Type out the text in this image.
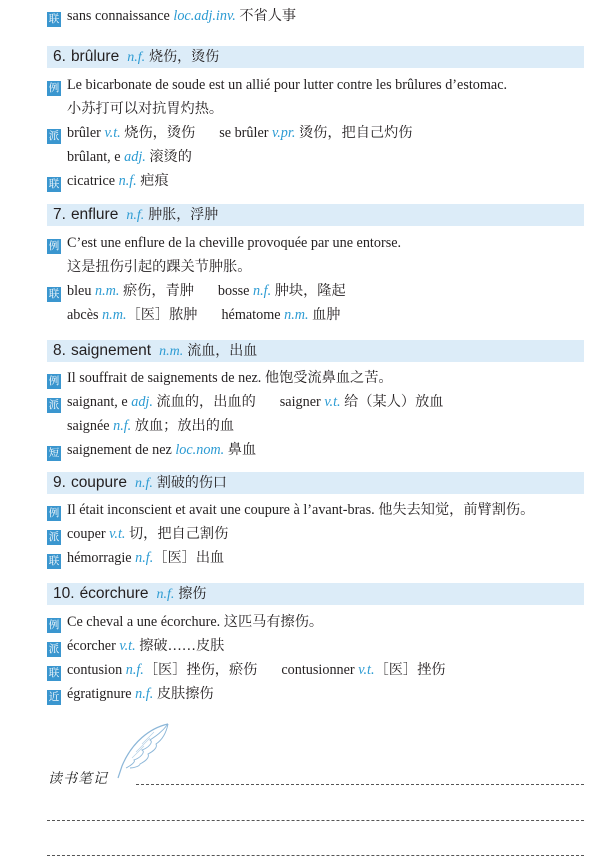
联 sans connaissance loc.adj.inv. 不省人事
6. brûlure n.f. 烧伤，烫伤
例 Le bicarbonate de soude est un allié pour lutter contre les brûlures d’estomac.
小苏打可以对抗胃灼热。
派 brûler v.t. 烧伤，烫伤 se brûler v.pr. 烫伤，把自己灼伤
brûlant, e adj. 滚烫的
联 cicatrice n.f. 疤痕
7. enflure n.f. 肿胀，浮肿
例 C’est une enflure de la cheville provoquée par une entorse.
这是扭伤引起的踝关节肿胀。
联 bleu n.m. 瘀伤，青肿 bosse n.f. 肿块，隆起
abcès n.m.［医］脓肿 hématome n.m. 血肿
8. saignement n.m. 流血，出血
例 Il souffrait de saignements de nez. 他饱受流鼻血之苦。
派 saignant, e adj. 流血的，出血的 saigner v.t. 给（某人）放血
saignée n.f. 放血；放出的血
短 saignement de nez loc.nom. 鼻血
9. coupure n.f. 割破的伤口
例 Il était inconscient et avait une coupure à l’avant-bras. 他失去知觉，前臂割伤。
派 couper v.t. 切，把自己割伤
联 hémorragie n.f.［医］出血
10. écorchure n.f. 擦伤
例 Ce cheval a une écorchure. 这匹马有擦伤。
派 écorcher v.t. 擦破……皮肤
联 contusion n.f.［医］挫伤，瘀伤 contusionner v.t.［医］挫伤
近 égratignure n.f. 皮肤擦伤
读书笔记
